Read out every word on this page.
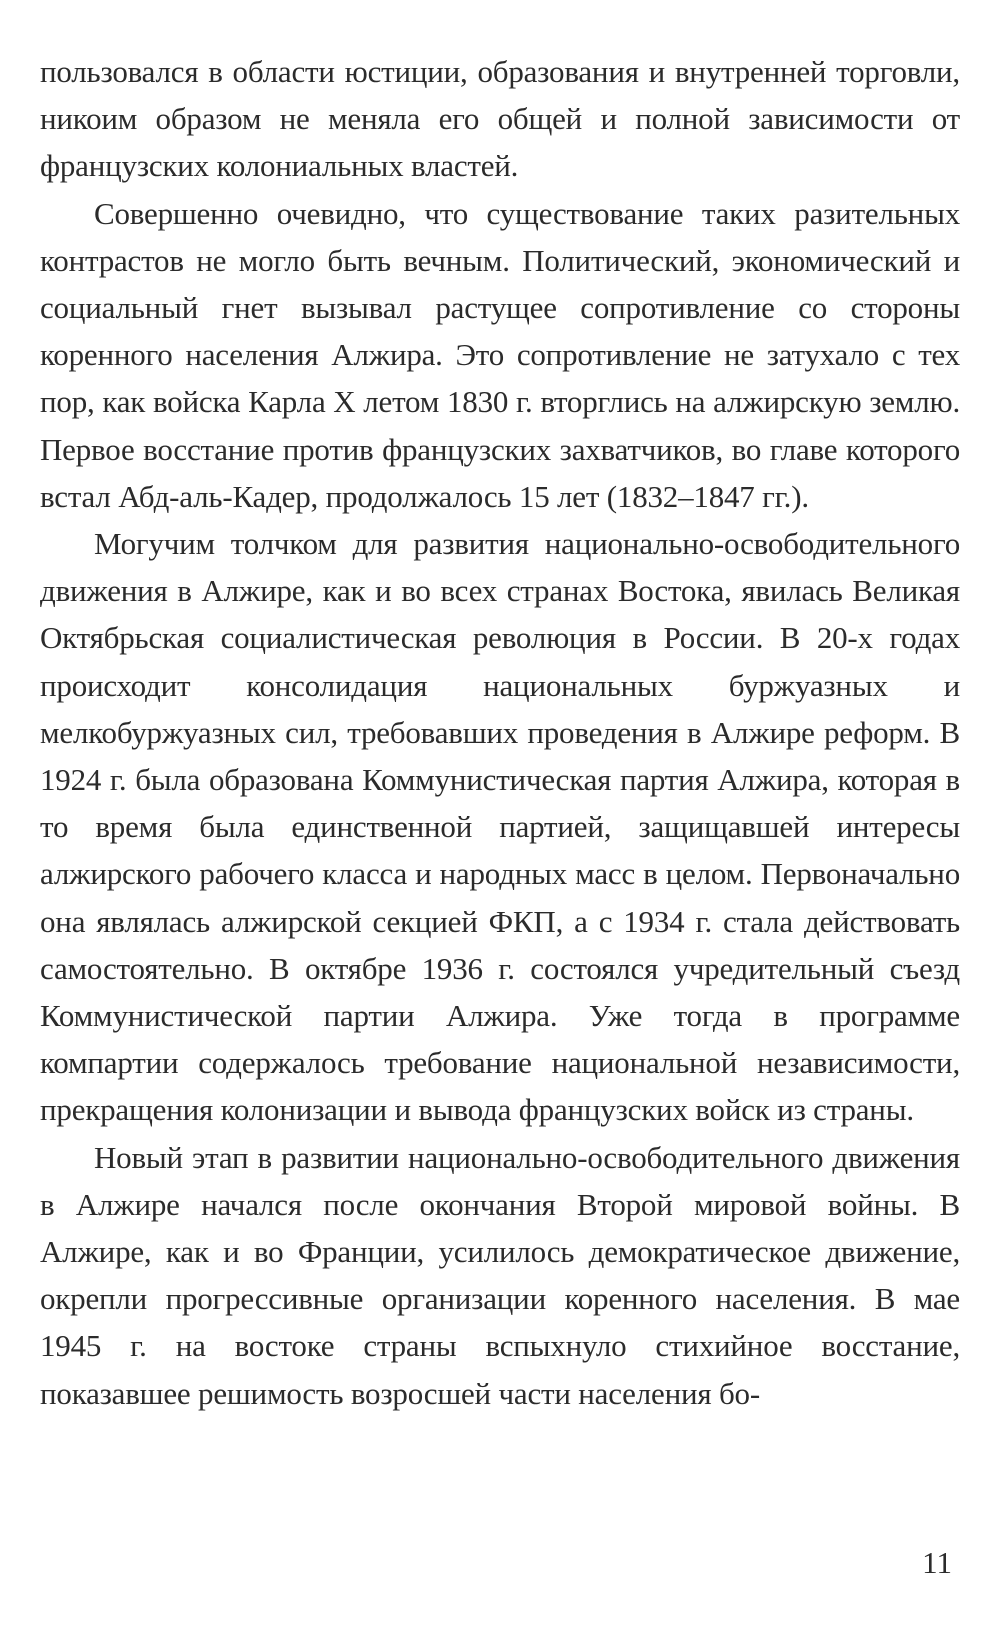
пользовался в области юстиции, образования и внутренней торговли, никоим образом не меняла его общей и полной зависимости от французских колониальных властей.

Совершенно очевидно, что существование таких разительных контрастов не могло быть вечным. Политический, экономический и социальный гнет вызывал растущее сопротивление со стороны коренного населения Алжира. Это сопротивление не затухало с тех пор, как войска Карла X летом 1830 г. вторглись на алжирскую землю. Первое восстание против французских захватчиков, во главе которого встал Абд-аль-Кадер, продолжалось 15 лет (1832–1847 гг.).

Могучим толчком для развития национально-освободительного движения в Алжире, как и во всех странах Востока, явилась Великая Октябрьская социалистическая революция в России. В 20-х годах происходит консолидация национальных буржуазных и мелкобуржуазных сил, требовавших проведения в Алжире реформ. В 1924 г. была образована Коммунистическая партия Алжира, которая в то время была единственной партией, защищавшей интересы алжирского рабочего класса и народных масс в целом. Первоначально она являлась алжирской секцией ФКП, а с 1934 г. стала действовать самостоятельно. В октябре 1936 г. состоялся учредительный съезд Коммунистической партии Алжира. Уже тогда в программе компартии содержалось требование национальной независимости, прекращения колонизации и вывода французских войск из страны.

Новый этап в развитии национально-освободительного движения в Алжире начался после окончания Второй мировой войны. В Алжире, как и во Франции, усилилось демократическое движение, окрепли прогрессивные организации коренного населения. В мае 1945 г. на востоке страны вспыхнуло стихийное восстание, показавшее решимость возросшей части населения бо-

11
